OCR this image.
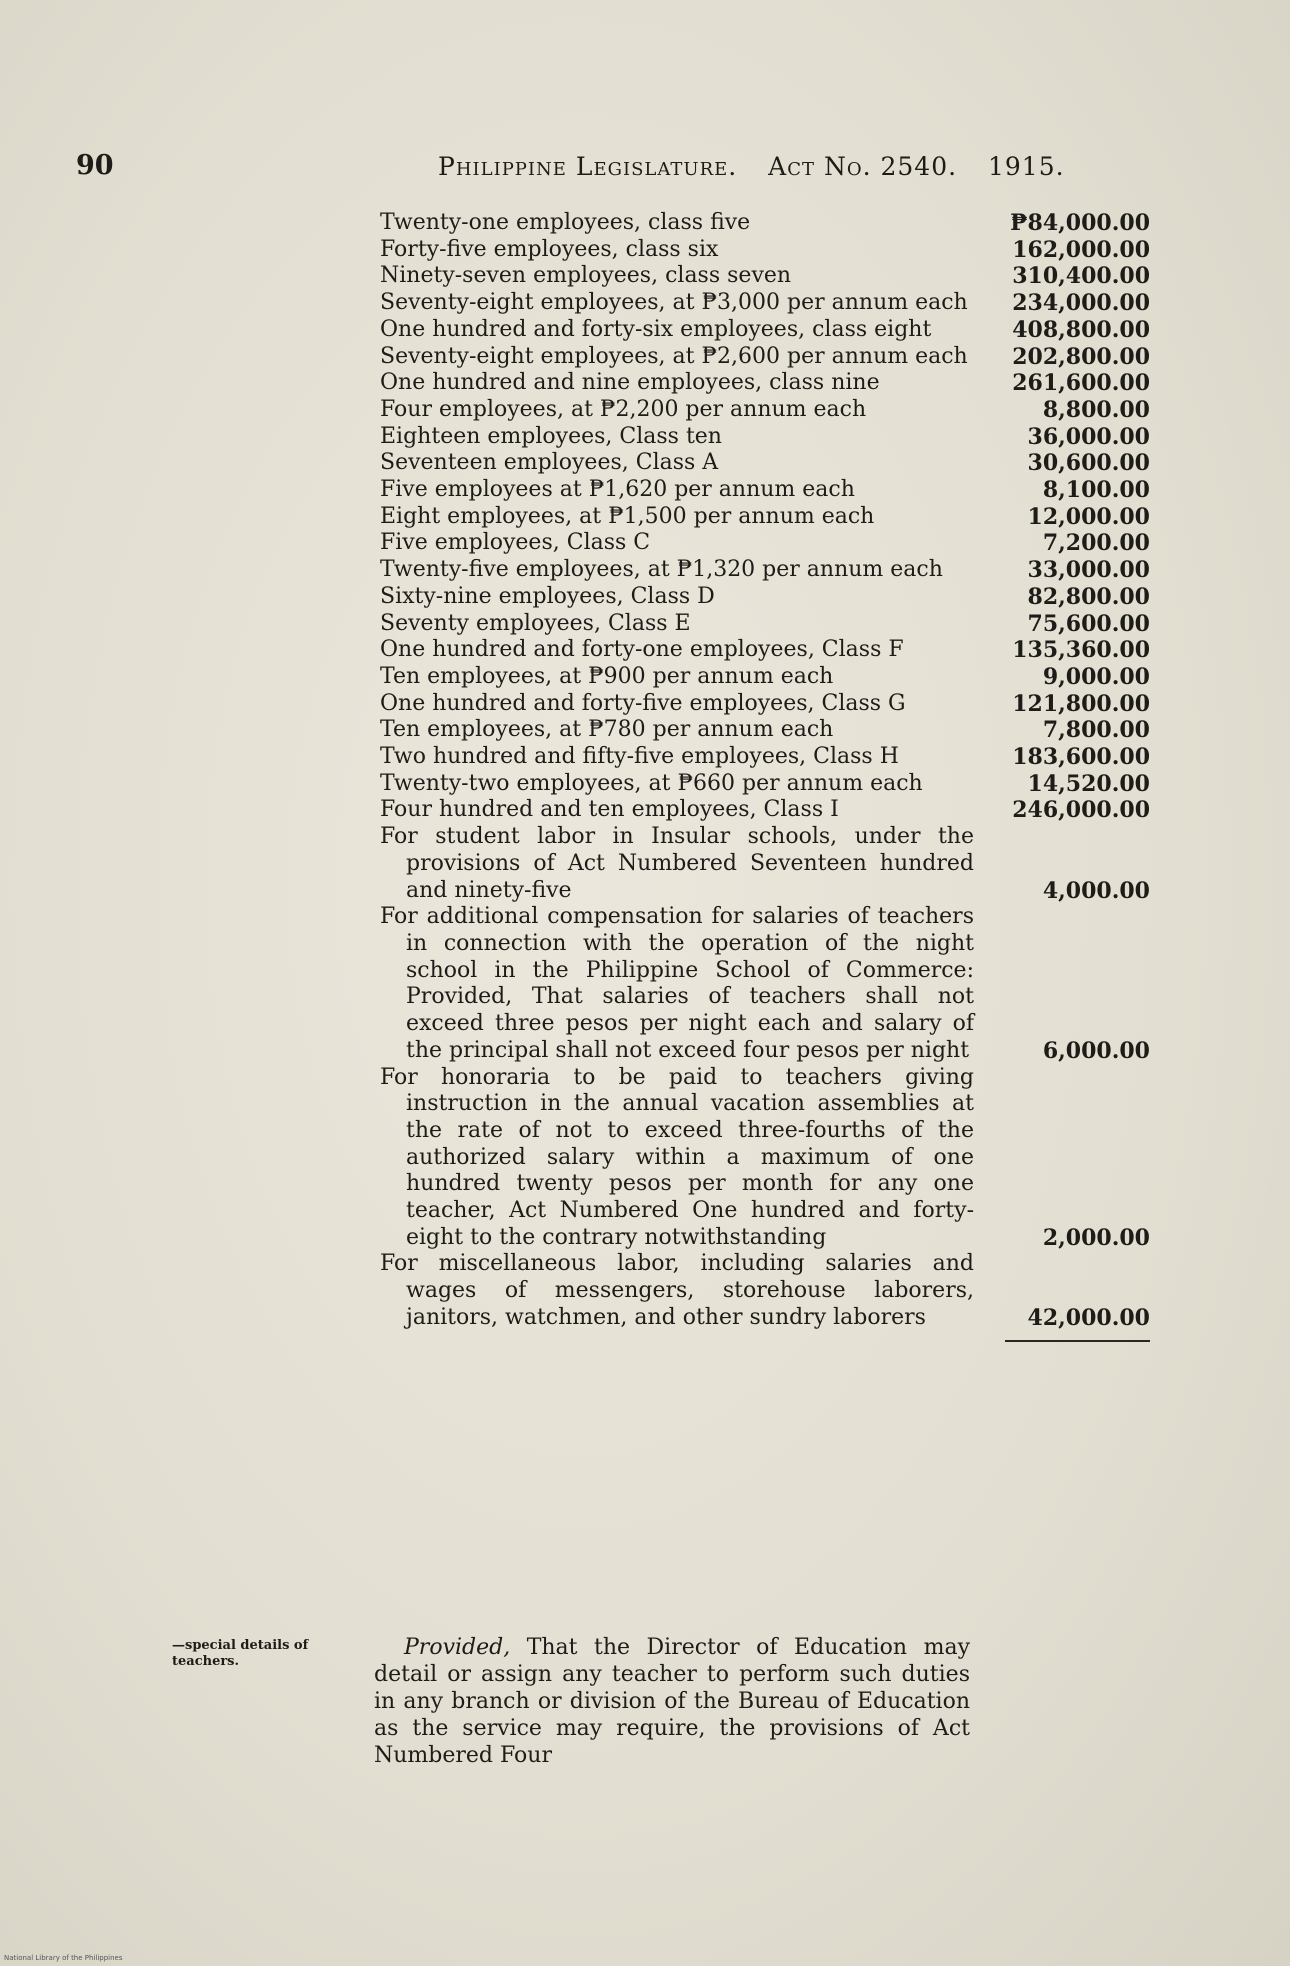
90	Philippine Legislature. Act No. 2540. 1915.
Twenty-one employees, class five	₱84,000.00
Forty-five employees, class six	162,000.00
Ninety-seven employees, class seven	310,400.00
Seventy-eight employees, at ₱3,000 per annum each	234,000.00
One hundred and forty-six employees, class eight	408,800.00
Seventy-eight employees, at ₱2,600 per annum each	202,800.00
One hundred and nine employees, class nine	261,600.00
Four employees, at ₱2,200 per annum each	8,800.00
Eighteen employees, Class ten	36,000.00
Seventeen employees, Class A	30,600.00
Five employees at ₱1,620 per annum each	8,100.00
Eight employees, at ₱1,500 per annum each	12,000.00
Five employees, Class C	7,200.00
Twenty-five employees, at ₱1,320 per annum each	33,000.00
Sixty-nine employees, Class D	82,800.00
Seventy employees, Class E	75,600.00
One hundred and forty-one employees, Class F	135,360.00
Ten employees, at ₱900 per annum each	9,000.00
One hundred and forty-five employees, Class G	121,800.00
Ten employees, at ₱780 per annum each	7,800.00
Two hundred and fifty-five employees, Class H	183,600.00
Twenty-two employees, at ₱660 per annum each	14,520.00
Four hundred and ten employees, Class I	246,000.00
For student labor in Insular schools, under the provisions of Act Numbered Seventeen hundred and ninety-five	4,000.00
For additional compensation for salaries of teachers in connection with the operation of the night school in the Philippine School of Commerce: Provided, That salaries of teachers shall not exceed three pesos per night each and salary of the principal shall not exceed four pesos per night	6,000.00
For honoraria to be paid to teachers giving instruction in the annual vacation assemblies at the rate of not to exceed three-fourths of the authorized salary within a maximum of one hundred twenty pesos per month for any one teacher, Act Numbered One hundred and forty-eight to the contrary notwithstanding	2,000.00
For miscellaneous labor, including salaries and wages of messengers, storehouse laborers, janitors, watchmen, and other sundry laborers	42,000.00
—special details of teachers.
Provided, That the Director of Education may detail or assign any teacher to perform such duties in any branch or division of the Bureau of Education as the service may require, the provisions of Act Numbered Four
National Library of the Philippines
